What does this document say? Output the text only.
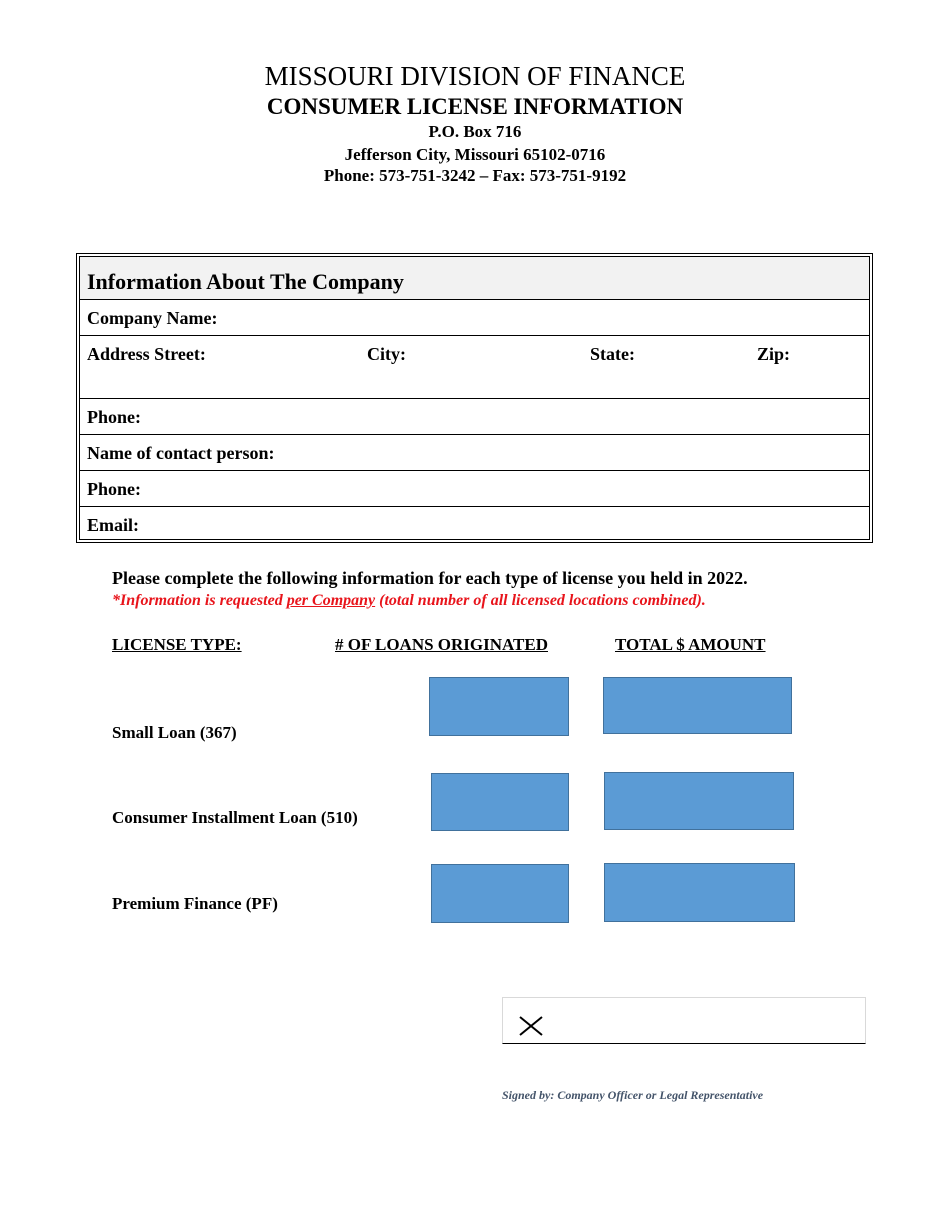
MISSOURI DIVISION OF FINANCE
CONSUMER LICENSE INFORMATION
P.O. Box 716
Jefferson City, Missouri 65102-0716
Phone: 573-751-3242 – Fax: 573-751-9192
Information About The Company
Company Name:
Address Street:	City:	State:	Zip:
Phone:
Name of contact person:
Phone:
Email:
Please complete the following information for each type of license you held in 2022.
*Information is requested per Company (total number of all licensed locations combined).
LICENSE TYPE:	# OF LOANS ORIGINATED	TOTAL $ AMOUNT
Small Loan (367)
Consumer Installment Loan (510)
Premium Finance (PF)
Signed by: Company Officer or Legal Representative
